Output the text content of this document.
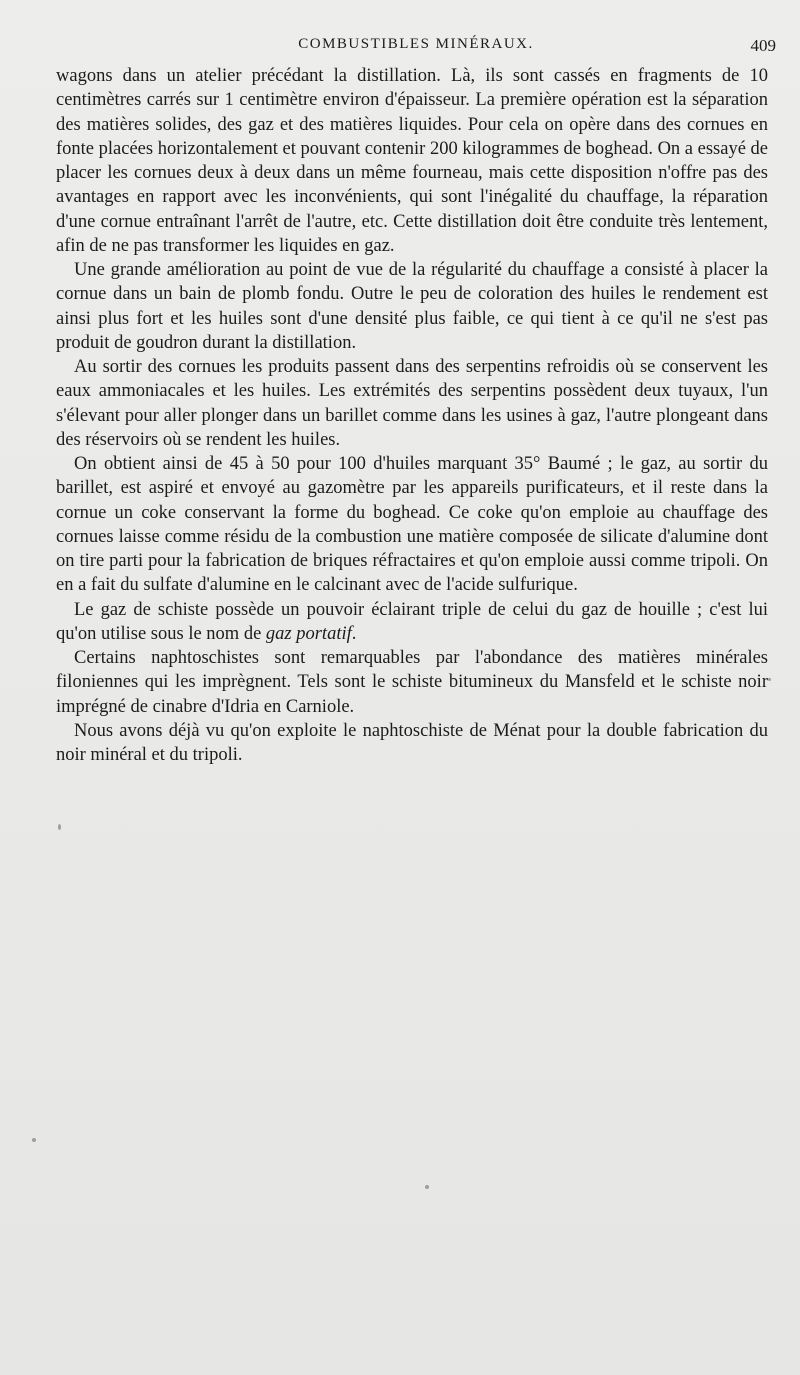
COMBUSTIBLES MINÉRAUX.	409

wagons dans un atelier précédant la distillation. Là, ils sont cassés en fragments de 10 centimètres carrés sur 1 centimètre environ d'épaisseur. La première opération est la séparation des matières solides, des gaz et des matières liquides. Pour cela on opère dans des cornues en fonte placées horizontalement et pouvant contenir 200 kilogrammes de boghead. On a essayé de placer les cornues deux à deux dans un même fourneau, mais cette disposition n'offre pas des avantages en rapport avec les inconvénients, qui sont l'inégalité du chauffage, la réparation d'une cornue entraînant l'arrêt de l'autre, etc. Cette distillation doit être conduite très lentement, afin de ne pas transformer les liquides en gaz.

Une grande amélioration au point de vue de la régularité du chauffage a consisté à placer la cornue dans un bain de plomb fondu. Outre le peu de coloration des huiles le rendement est ainsi plus fort et les huiles sont d'une densité plus faible, ce qui tient à ce qu'il ne s'est pas produit de goudron durant la distillation.

Au sortir des cornues les produits passent dans des serpentins refroidis où se conservent les eaux ammoniacales et les huiles. Les extrémités des serpentins possèdent deux tuyaux, l'un s'élevant pour aller plonger dans un barillet comme dans les usines à gaz, l'autre plongeant dans des réservoirs où se rendent les huiles.

On obtient ainsi de 45 à 50 pour 100 d'huiles marquant 35° Baumé ; le gaz, au sortir du barillet, est aspiré et envoyé au gazomètre par les appareils purificateurs, et il reste dans la cornue un coke conservant la forme du boghead. Ce coke qu'on emploie au chauffage des cornues laisse comme résidu de la combustion une matière composée de silicate d'alumine dont on tire parti pour la fabrication de briques réfractaires et qu'on emploie aussi comme tripoli. On en a fait du sulfate d'alumine en le calcinant avec de l'acide sulfurique.

Le gaz de schiste possède un pouvoir éclairant triple de celui du gaz de houille ; c'est lui qu'on utilise sous le nom de gaz portatif.

Certains naphtoschistes sont remarquables par l'abondance des matières minérales filoniennes qui les imprègnent. Tels sont le schiste bitumineux du Mansfeld et le schiste noir imprégné de cinabre d'Idria en Carniole.

Nous avons déjà vu qu'on exploite le naphtoschiste de Ménat pour la double fabrication du noir minéral et du tripoli.
